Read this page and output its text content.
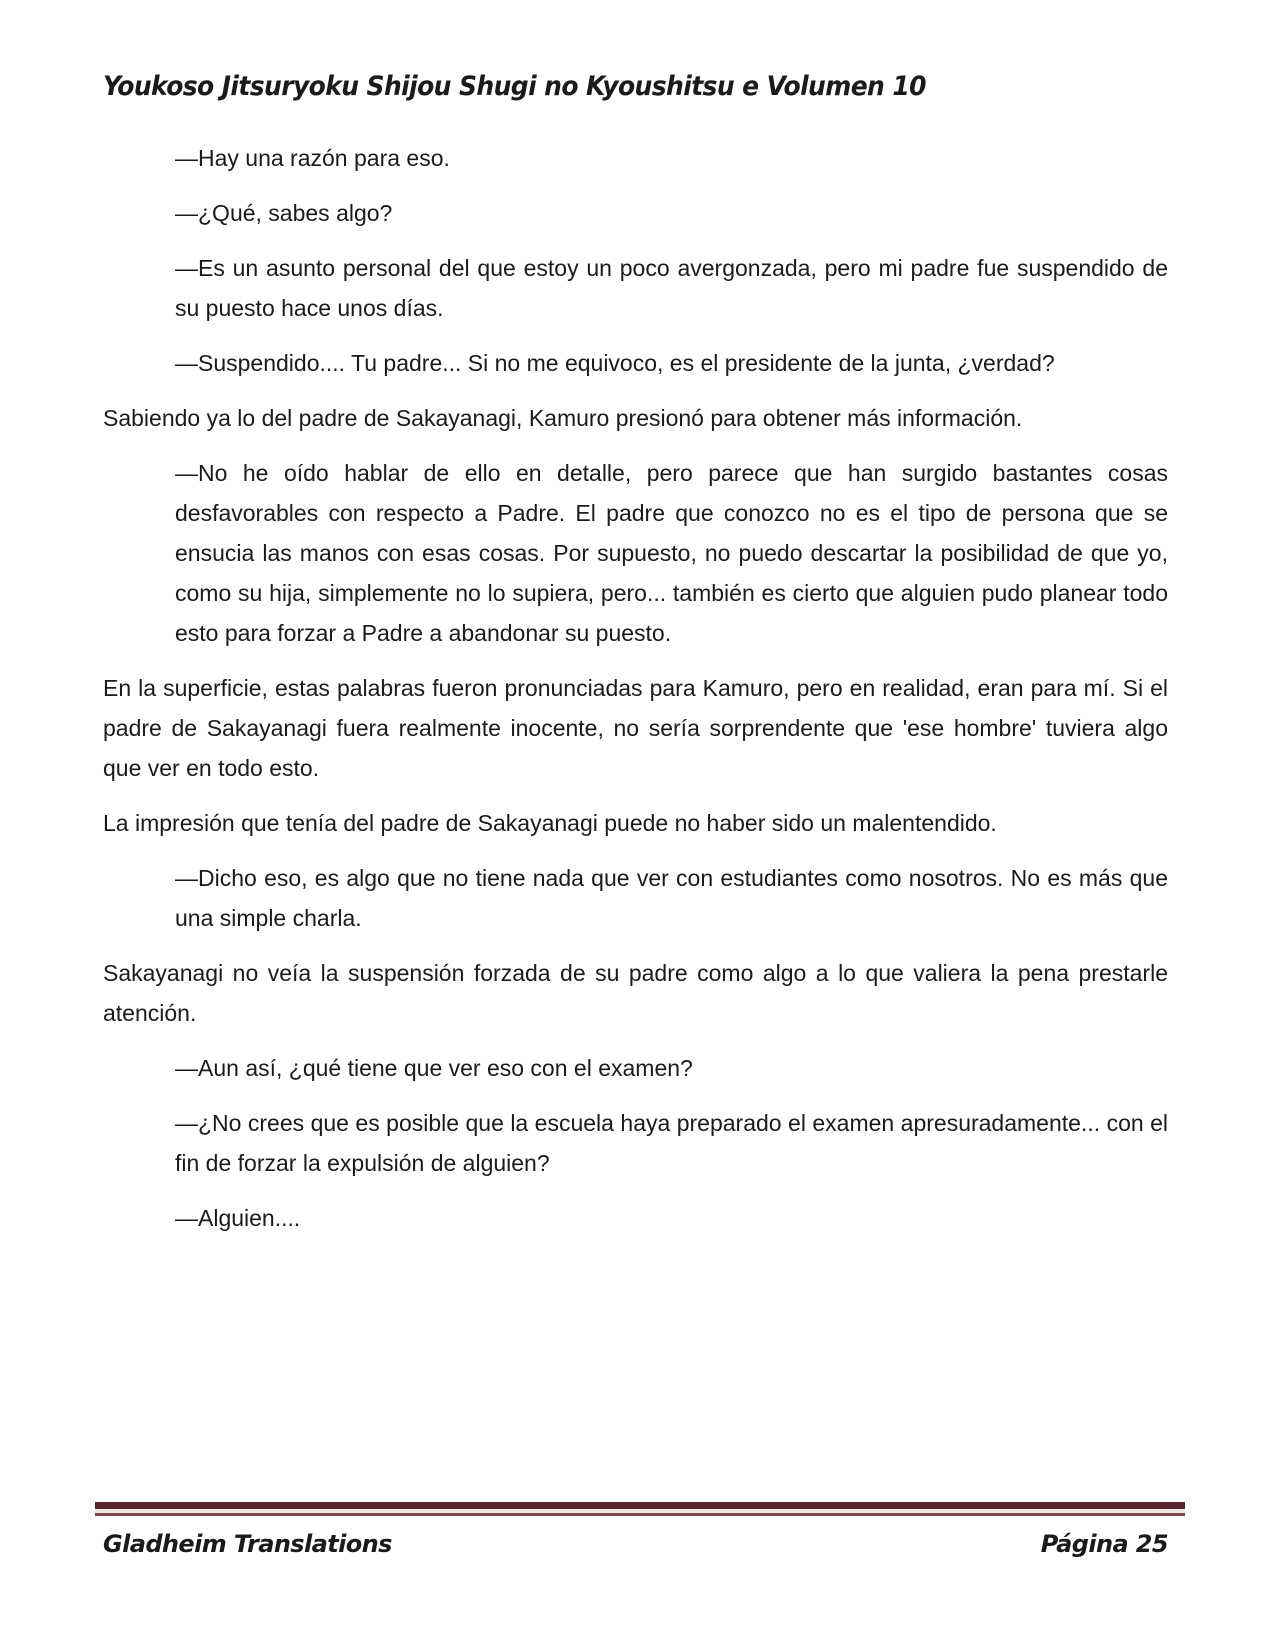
Youkoso Jitsuryoku Shijou Shugi no Kyoushitsu e Volumen 10

—Hay una razón para eso.

—¿Qué, sabes algo?

—Es un asunto personal del que estoy un poco avergonzada, pero mi padre fue suspendido de su puesto hace unos días.

—Suspendido.... Tu padre... Si no me equivoco, es el presidente de la junta, ¿verdad?

Sabiendo ya lo del padre de Sakayanagi, Kamuro presionó para obtener más información.

—No he oído hablar de ello en detalle, pero parece que han surgido bastantes cosas desfavorables con respecto a Padre. El padre que conozco no es el tipo de persona que se ensucia las manos con esas cosas. Por supuesto, no puedo descartar la posibilidad de que yo, como su hija, simplemente no lo supiera, pero... también es cierto que alguien pudo planear todo esto para forzar a Padre a abandonar su puesto.

En la superficie, estas palabras fueron pronunciadas para Kamuro, pero en realidad, eran para mí. Si el padre de Sakayanagi fuera realmente inocente, no sería sorprendente que 'ese hombre' tuviera algo que ver en todo esto.

La impresión que tenía del padre de Sakayanagi puede no haber sido un malentendido.

—Dicho eso, es algo que no tiene nada que ver con estudiantes como nosotros. No es más que una simple charla.

Sakayanagi no veía la suspensión forzada de su padre como algo a lo que valiera la pena prestarle atención.

—Aun así, ¿qué tiene que ver eso con el examen?

—¿No crees que es posible que la escuela haya preparado el examen apresuradamente... con el fin de forzar la expulsión de alguien?

—Alguien....

Gladheim Translations	Página 25
